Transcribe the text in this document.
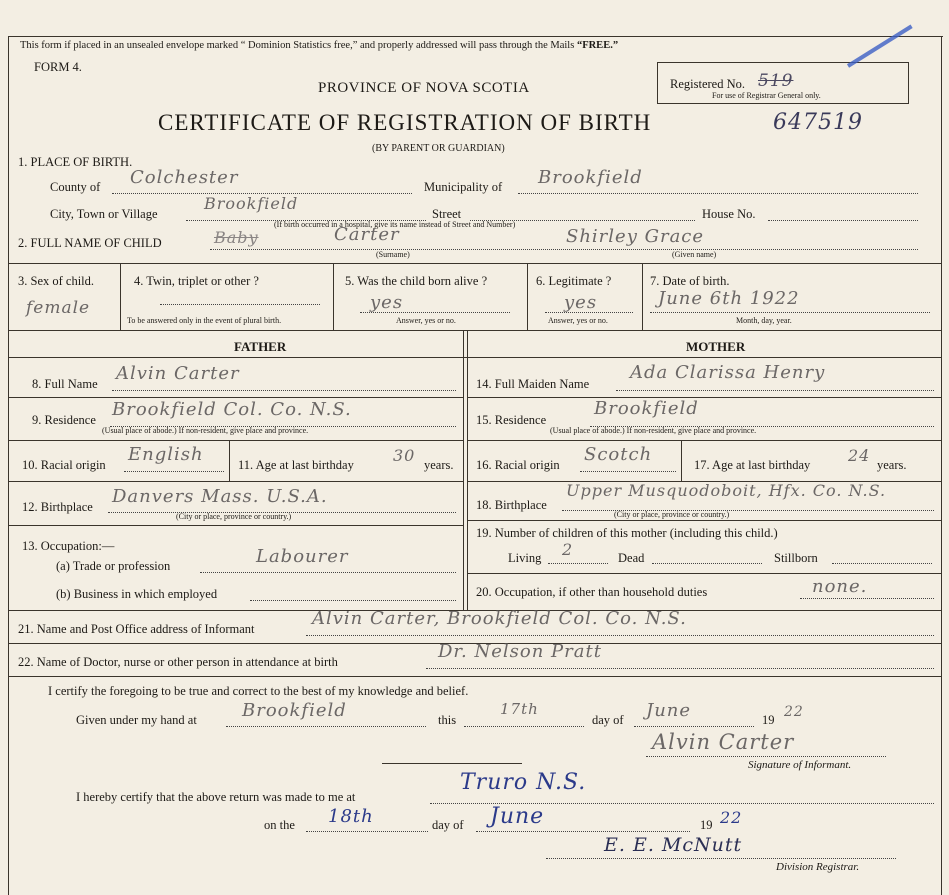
This form if placed in an unsealed envelope marked “ Dominion Statistics free,” and properly addressed will pass through the Mails “FREE.”
FORM 4.
PROVINCE OF NOVA SCOTIA
CERTIFICATE OF REGISTRATION OF BIRTH	647519
(BY PARENT OR GUARDIAN)
Registered No. 519
For use of Registrar General only.
1. PLACE OF BIRTH.
County of Colchester	Municipality of Brookfield
City, Town or Village
Brookfield
Street
(If birth occurred in a hospital, give its name instead of Street and Number)
House No.
2. FULL NAME OF CHILD	Baby	Carter	Shirley Grace
(Surname)	(Given name)
3. Sex of child.
female
4. Twin, triplet or other ?
To be answered only in the event of plural birth.
5. Was the child born alive ?
yes
Answer, yes or no.
6. Legitimate ?
yes
Answer, yes or no.
7. Date of birth.
June 6th 1922
Month, day, year.
FATHER	MOTHER
8. Full Name Alvin Carter
9. Residence Brookfield Col. Co. N.S.
(Usual place of abode.) If non-resident, give place and province.
10. Racial origin English	11. Age at last birthday 30 years.
12. Birthplace Danvers Mass. U.S.A.
(City or place, province or country.)
13. Occupation:—
(a) Trade or profession	Labourer
(b) Business in which employed
14. Full Maiden Name
Ada Clarissa Henry
15. Residence
Brookfield
(Usual place of abode.) If non-resident, give place and province.
16. Racial origin Scotch	17. Age at last birthday 24 years.
18. Birthplace
Upper Musquodoboit, Hfx. Co. N.S.
(City or place, province or country.)
19. Number of children of this mother (including this child.)
Living 2	Dead	Stillborn
20. Occupation, if other than household duties	none.
21. Name and Post Office address of Informant	Alvin Carter, Brookfield Col. Co. N.S.
22. Name of Doctor, nurse or other person in attendance at birth	Dr. Nelson Pratt
I certify the foregoing to be true and correct to the best of my knowledge and belief.
Given under my hand at	Brookfield	this
17th
day of June	19 22
Alvin Carter
Signature of Informant.
I hereby certify that the above return was made to me at
Truro N.S.
on the 18th	day of June	19 22
E. E. McNutt
Division Registrar.
